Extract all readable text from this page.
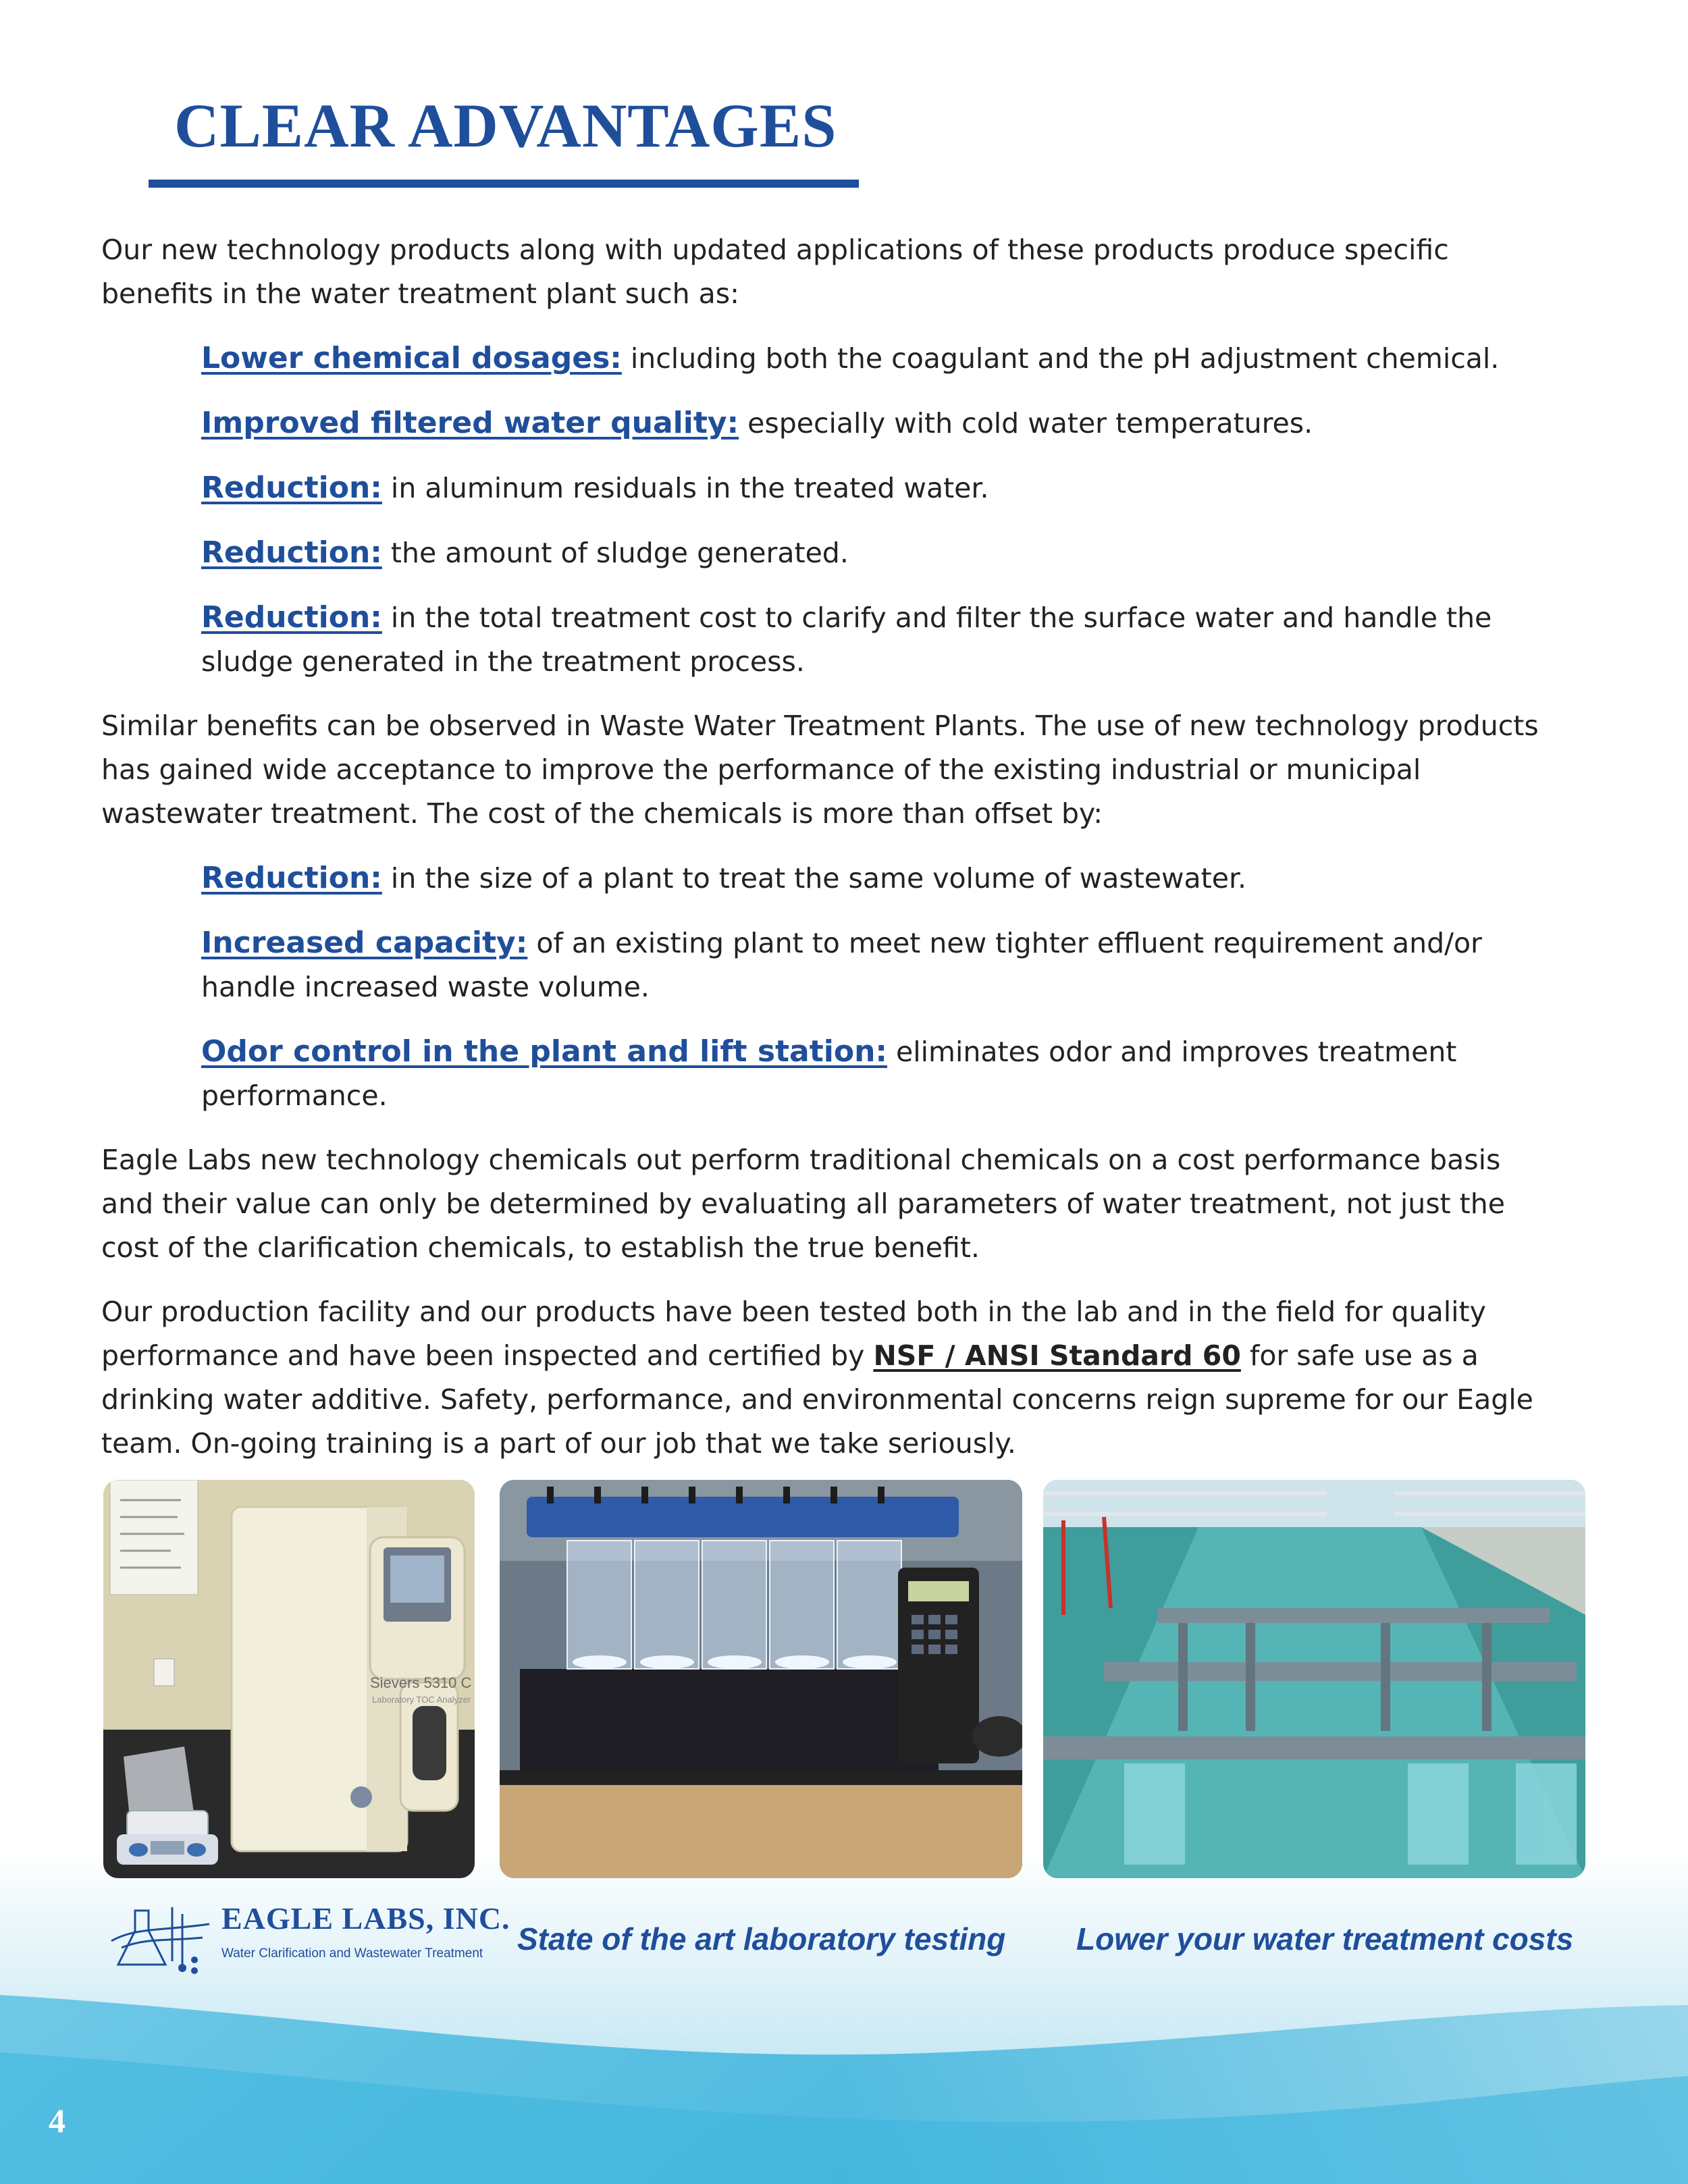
CLEAR ADVANTAGES

Our new technology products along with updated applications of these products produce specific benefits in the water treatment plant such as:

Lower chemical dosages: including both the coagulant and the pH adjustment chemical.

Improved filtered water quality: especially with cold water temperatures.

Reduction: in aluminum residuals in the treated water.

Reduction: the amount of sludge generated.

Reduction: in the total treatment cost to clarify and filter the surface water and handle the sludge generated in the treatment process.

Similar benefits can be observed in Waste Water Treatment Plants. The use of new technology products has gained wide acceptance to improve the performance of the existing industrial or municipal wastewater treatment. The cost of the chemicals is more than offset by:

Reduction: in the size of a plant to treat the same volume of wastewater.

Increased capacity: of an existing plant to meet new tighter effluent requirement and/or handle increased waste volume.

Odor control in the plant and lift station: eliminates odor and improves treatment performance.

Eagle Labs new technology chemicals out perform traditional chemicals on a cost performance basis and their value can only be determined by evaluating all parameters of water treatment, not just the cost of the clarification chemicals, to establish the true benefit.

Our production facility and our products have been tested both in the lab and in the field for quality performance and have been inspected and certified by NSF / ANSI Standard 60 for safe use as a drinking water additive. Safety, performance, and environmental concerns reign supreme for our Eagle team. On-going training is a part of our job that we take seriously.

Sievers 5310 C
Laboratory TOC Analyzer
EAGLE LABS, INC.
Water Clarification and Wastewater Treatment State of the art laboratory testing Lower your water treatment costs
4
